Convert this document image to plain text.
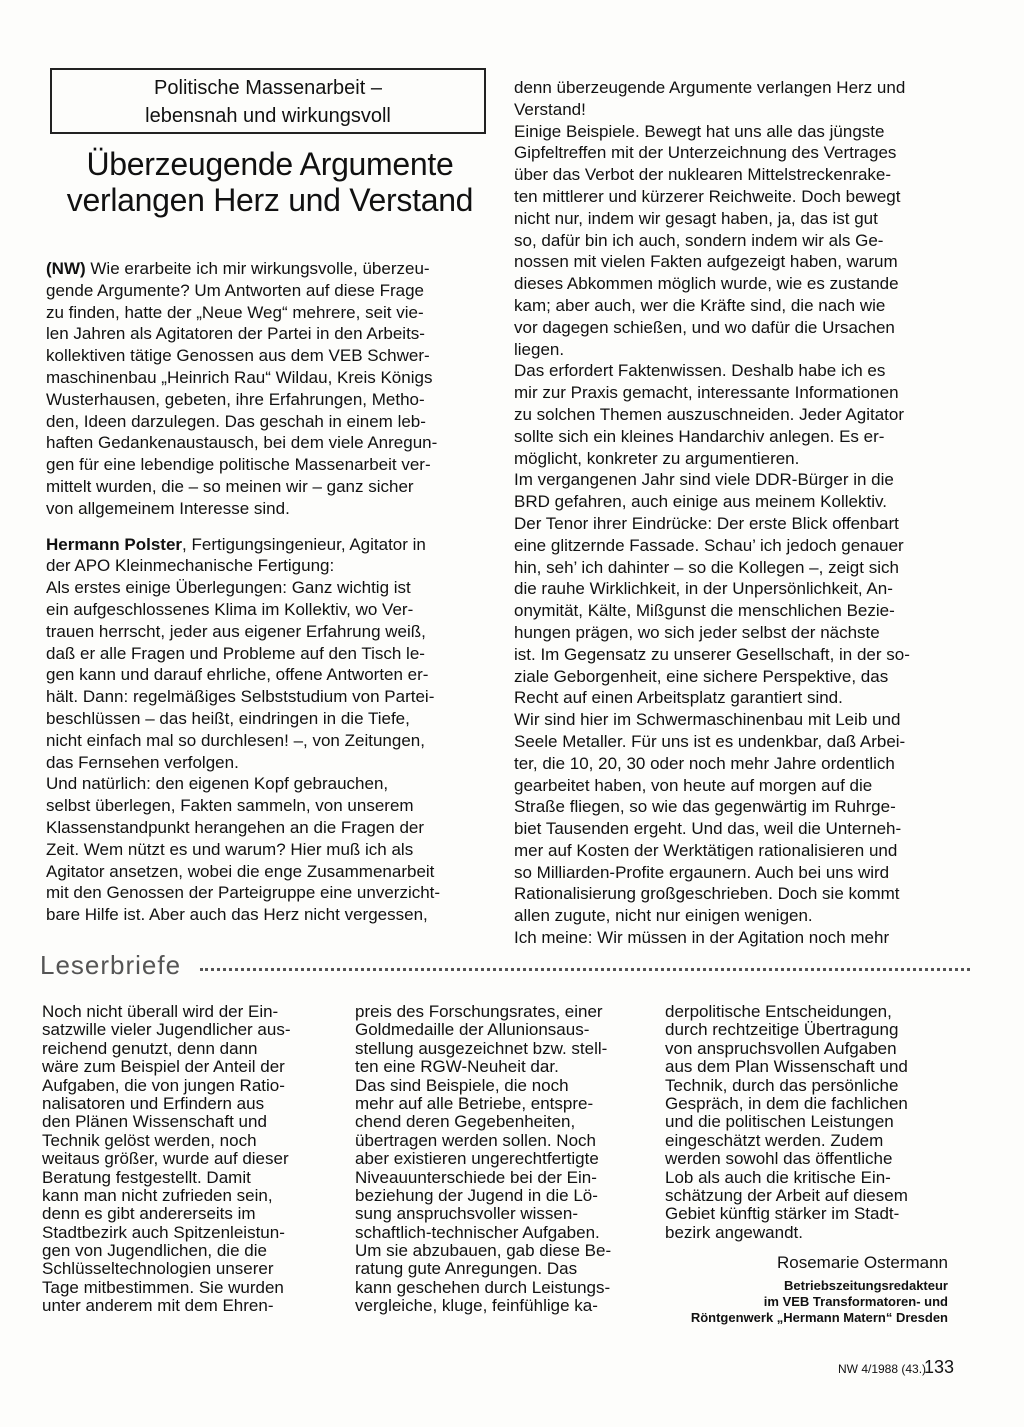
Politische Massenarbeit –
lebensnah und wirkungsvoll
Überzeugende Argumente
verlangen Herz und Verstand
(NW) Wie erarbeite ich mir wirkungsvolle, überzeu-
gende Argumente? Um Antworten auf diese Frage
zu finden, hatte der „Neue Weg“ mehrere, seit vie-
len Jahren als Agitatoren der Partei in den Arbeits-
kollektiven tätige Genossen aus dem VEB Schwer-
maschinenbau „Heinrich Rau“ Wildau, Kreis Königs
Wusterhausen, gebeten, ihre Erfahrungen, Metho-
den, Ideen darzulegen. Das geschah in einem leb-
haften Gedankenaustausch, bei dem viele Anregun-
gen für eine lebendige politische Massenarbeit ver-
mittelt wurden, die – so meinen wir – ganz sicher
von allgemeinem Interesse sind.
Hermann Polster, Fertigungsingenieur, Agitator in
der APO Kleinmechanische Fertigung:
Als erstes einige Überlegungen: Ganz wichtig ist
ein aufgeschlossenes Klima im Kollektiv, wo Ver-
trauen herrscht, jeder aus eigener Erfahrung weiß,
daß er alle Fragen und Probleme auf den Tisch le-
gen kann und darauf ehrliche, offene Antworten er-
hält. Dann: regelmäßiges Selbststudium von Partei-
beschlüssen – das heißt, eindringen in die Tiefe,
nicht einfach mal so durchlesen! –, von Zeitungen,
das Fernsehen verfolgen.
Und natürlich: den eigenen Kopf gebrauchen,
selbst überlegen, Fakten sammeln, von unserem
Klassenstandpunkt herangehen an die Fragen der
Zeit. Wem nützt es und warum? Hier muß ich als
Agitator ansetzen, wobei die enge Zusammenarbeit
mit den Genossen der Parteigruppe eine unverzicht-
bare Hilfe ist. Aber auch das Herz nicht vergessen,
denn überzeugende Argumente verlangen Herz und
Verstand!
Einige Beispiele. Bewegt hat uns alle das jüngste
Gipfeltreffen mit der Unterzeichnung des Vertrages
über das Verbot der nuklearen Mittelstreckenrake-
ten mittlerer und kürzerer Reichweite. Doch bewegt
nicht nur, indem wir gesagt haben, ja, das ist gut
so, dafür bin ich auch, sondern indem wir als Ge-
nossen mit vielen Fakten aufgezeigt haben, warum
dieses Abkommen möglich wurde, wie es zustande
kam; aber auch, wer die Kräfte sind, die nach wie
vor dagegen schießen, und wo dafür die Ursachen
liegen.
Das erfordert Faktenwissen. Deshalb habe ich es
mir zur Praxis gemacht, interessante Informationen
zu solchen Themen auszuschneiden. Jeder Agitator
sollte sich ein kleines Handarchiv anlegen. Es er-
möglicht, konkreter zu argumentieren.
Im vergangenen Jahr sind viele DDR-Bürger in die
BRD gefahren, auch einige aus meinem Kollektiv.
Der Tenor ihrer Eindrücke: Der erste Blick offenbart
eine glitzernde Fassade. Schau’ ich jedoch genauer
hin, seh’ ich dahinter – so die Kollegen –, zeigt sich
die rauhe Wirklichkeit, in der Unpersönlichkeit, An-
onymität, Kälte, Mißgunst die menschlichen Bezie-
hungen prägen, wo sich jeder selbst der nächste
ist. Im Gegensatz zu unserer Gesellschaft, in der so-
ziale Geborgenheit, eine sichere Perspektive, das
Recht auf einen Arbeitsplatz garantiert sind.
Wir sind hier im Schwermaschinenbau mit Leib und
Seele Metaller. Für uns ist es undenkbar, daß Arbei-
ter, die 10, 20, 30 oder noch mehr Jahre ordentlich
gearbeitet haben, von heute auf morgen auf die
Straße fliegen, so wie das gegenwärtig im Ruhrge-
biet Tausenden ergeht. Und das, weil die Unterneh-
mer auf Kosten der Werktätigen rationalisieren und
so Milliarden-Profite ergaunern. Auch bei uns wird
Rationalisierung großgeschrieben. Doch sie kommt
allen zugute, nicht nur einigen wenigen.
Ich meine: Wir müssen in der Agitation noch mehr
Leserbriefe
Noch nicht überall wird der Ein-
satzwille vieler Jugendlicher aus-
reichend genutzt, denn dann
wäre zum Beispiel der Anteil der
Aufgaben, die von jungen Ratio-
nalisatoren und Erfindern aus
den Plänen Wissenschaft und
Technik gelöst werden, noch
weitaus größer, wurde auf dieser
Beratung festgestellt. Damit
kann man nicht zufrieden sein,
denn es gibt andererseits im
Stadtbezirk auch Spitzenleistun-
gen von Jugendlichen, die die
Schlüsseltechnologien unserer
Tage mitbestimmen. Sie wurden
unter anderem mit dem Ehren-
preis des Forschungsrates, einer
Goldmedaille der Allunionsaus-
stellung ausgezeichnet bzw. stell-
ten eine RGW-Neuheit dar.
Das sind Beispiele, die noch
mehr auf alle Betriebe, entspre-
chend deren Gegebenheiten,
übertragen werden sollen. Noch
aber existieren ungerechtfertigte
Niveauunterschiede bei der Ein-
beziehung der Jugend in die Lö-
sung anspruchsvoller wissen-
schaftlich-technischer Aufgaben.
Um sie abzubauen, gab diese Be-
ratung gute Anregungen. Das
kann geschehen durch Leistungs-
vergleiche, kluge, feinfühlige ka-
derpolitische Entscheidungen,
durch rechtzeitige Übertragung
von anspruchsvollen Aufgaben
aus dem Plan Wissenschaft und
Technik, durch das persönliche
Gespräch, in dem die fachlichen
und die politischen Leistungen
eingeschätzt werden. Zudem
werden sowohl das öffentliche
Lob als auch die kritische Ein-
schätzung der Arbeit auf diesem
Gebiet künftig stärker im Stadt-
bezirk angewandt.
Rosemarie Ostermann
Betriebszeitungsredakteur
im VEB Transformatoren- und
Röntgenwerk „Hermann Matern“ Dresden
NW 4/1988 (43.)
133
